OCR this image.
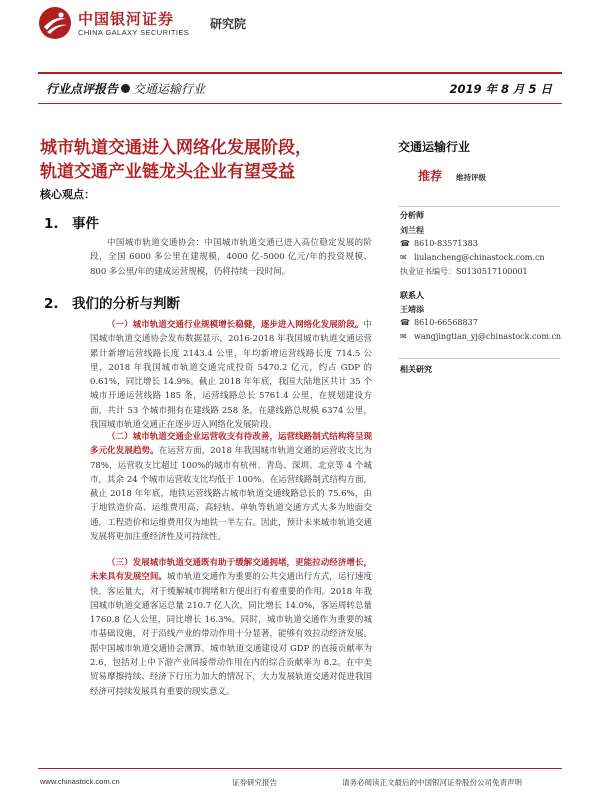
中国银河证券
CHINA GALAXY SECURITIES
研究院
行业点评报告 交通运输行业	2019 年 8 月 5 日
城市轨道交通进入网络化发展阶段，
轨道交通产业链龙头企业有望受益
核心观点：
1. 事件

中国城市轨道交通协会：中国城市轨道交通已进入高位稳定发展的阶段，全国 6000 多公里在建规模，4000 亿-5000 亿元/年的投资规模、800 多公里/年的建成运营规模，仍将持续一段时间。

2. 我们的分析与判断

（一）城市轨道交通行业规模增长稳健，逐步进入网络化发展阶段。中国城市轨道交通协会发布数据显示，2016-2018 年我国城市轨道交通运营累计新增运营线路长度 2143.4 公里，年均新增运营线路长度 714.5 公里，2018 年我国城市轨道交通完成投资 5470.2 亿元，约占 GDP 的 0.61%，同比增长 14.9%。截止 2018 年年底，我国大陆地区共计 35 个城市开通运营线路 185 条，运营线路总长 5761.4 公里，在规划建设方面，共计 53 个城市拥有在建线路 258 条，在建线路总规模 6374 公里，我国城市轨道交通正在逐步迈入网络化发展阶段。

（二）城市轨道交通企业运营收支有待改善，运营线路制式结构将呈现多元化发展趋势。在运营方面，2018 年我国城市轨道交通的运营收支比为 78%，运营收支比超过 100%的城市有杭州、青岛、深圳、北京等 4 个城市，其余 24 个城市运营收支比均低于 100%。在运营线路制式结构方面，截止 2018 年年底，地铁运营线路占城市轨道交通线路总长的 75.6%，由于地铁造价高、运维费用高，高轻轨、单轨等轨道交通方式大多为地面交通，工程造价和运维费用仅为地铁一半左右。因此，预计未来城市轨道交通发展将更加注重经济性及可持续性。

（三）发展城市轨道交通既有助于缓解交通拥堵，更能拉动经济增长，未来具有发展空间。城市轨道交通作为重要的公共交通出行方式，运行速度快，客运量大，对于缓解城市拥堵和方便出行有着重要的作用。2018 年我国城市轨道交通客运总量 210.7 亿人次，同比增长 14.0%，客运周转总量 1760.8 亿人公里，同比增长 16.3%。同时，城市轨道交通作为重要的城市基础设施，对于沿线产业的带动作用十分显著，能够有效拉动经济发展。据中国城市轨道交通协会测算，城市轨道交通建设对 GDP 的直接贡献率为 2.6，包括对上中下游产业间接带动作用在内的综合贡献率为 8.2。在中美贸易摩擦持续、经济下行压力加大的情况下，大力发展轨道交通对促进我国经济可持续发展具有重要的现实意义。

交通运输行业
推荐 维持评级
分析师
刘兰程
☎ 8610-83571383
✉ liulancheng@chinastock.com.cn
执业证书编号：S0130517100001
联系人
王靖添
☎ 8610-66568837
✉ wangjingtian_yj@chinastock.com.cn
相关研究
www.chinastock.com.cn	证券研究报告	请务必阅读正文最后的中国银河证券股份公司免责声明
